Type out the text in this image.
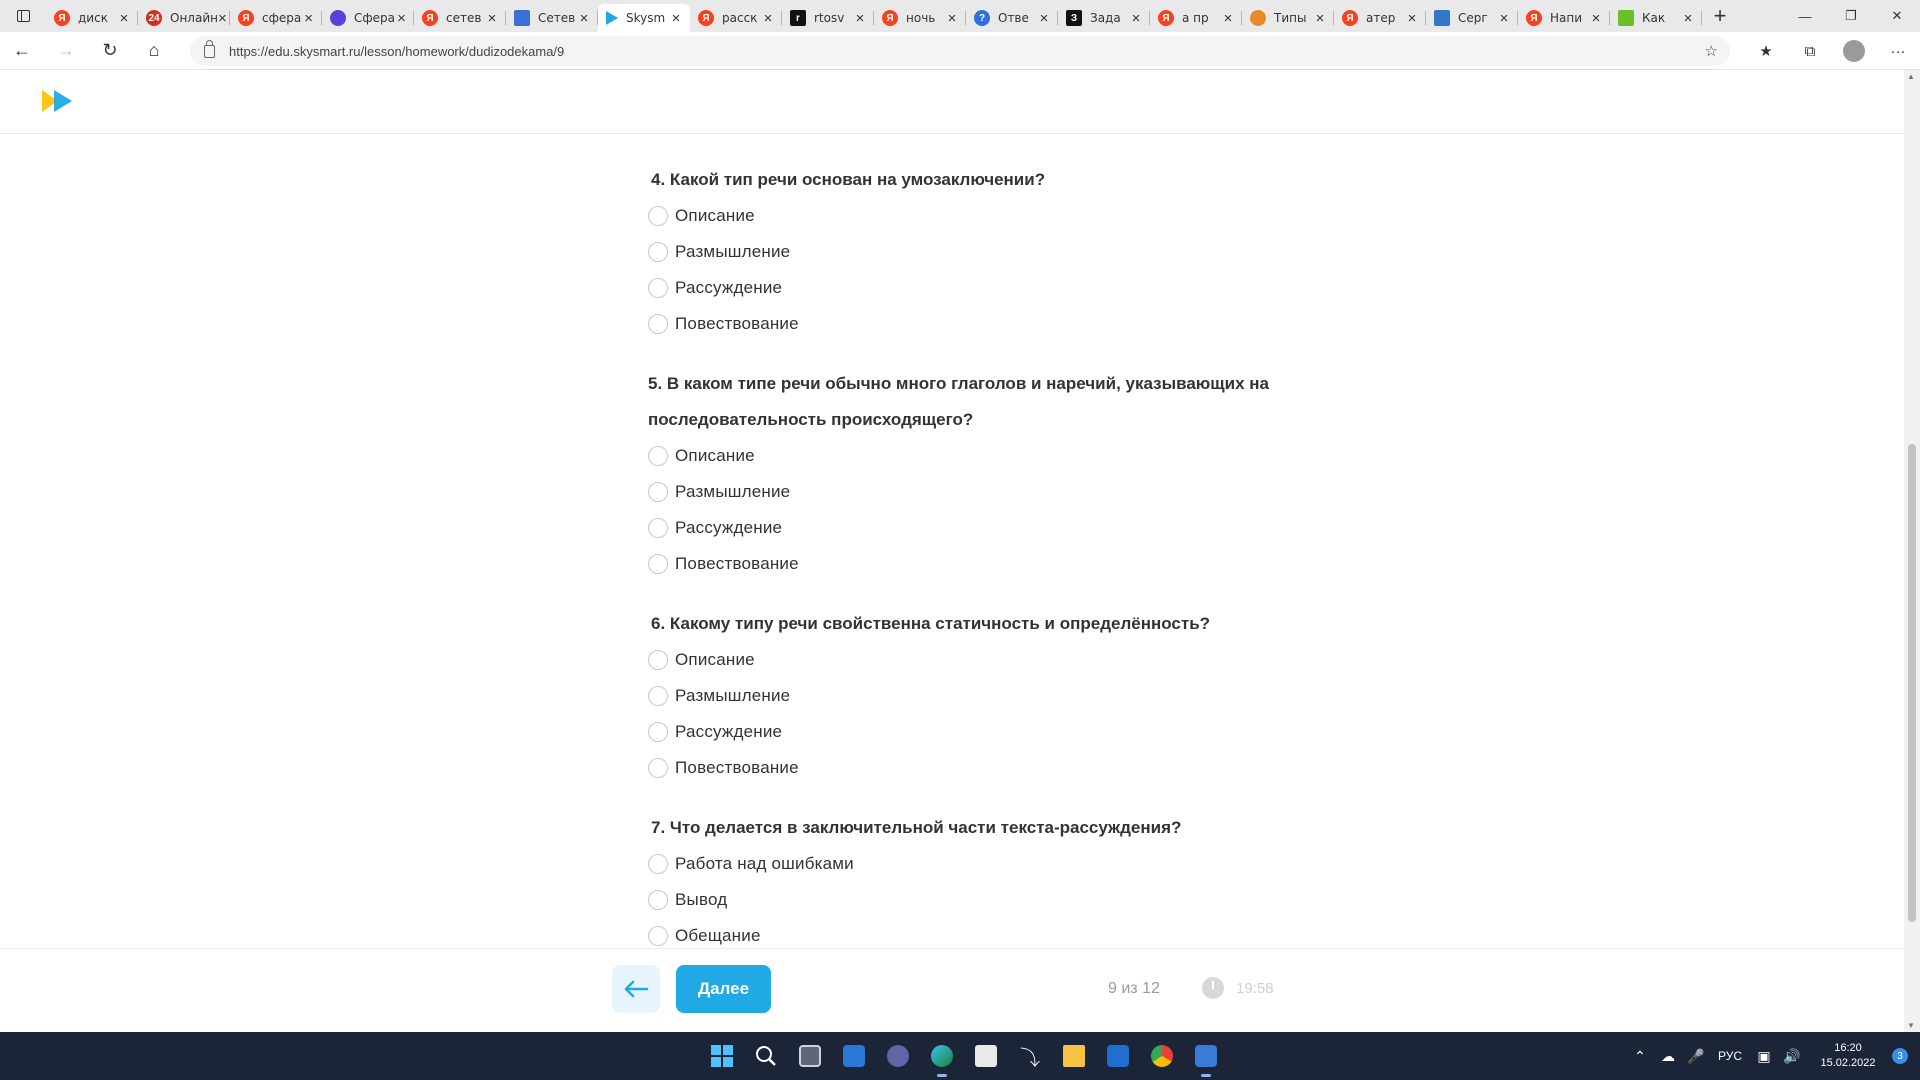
Я	диск ×	24 Онлайн ×	Я	сфера ×	Сфера ×	Я	сетев ×	Сетев ×	Skysm ×	Я	расск ×	r	rtosv ×	Я	ночь ×	?	Отве ×	З	Зада ×	Я	а пр ×	Типы ×	Я	атер ×	Серг ×	Я	Напи ×	Как	× +	—	❐	✕
←	→	↻	⌂	https://edu.skysmart.ru/lesson/homework/dudizodekama/9	☆	★	⧉	···
4. Какой тип речи основан на умозаключении?
Описание
Размышление
Рассуждение
Повествование
5. В каком типе речи обычно много глаголов и наречий, указывающих на последовательность происходящего?
Описание
Размышление
Рассуждение
Повествование
6. Какому типу речи свойственна статичность и определённость?
Описание
Размышление
Рассуждение
Повествование
7. Что делается в заключительной части текста-рассуждения?
Работа над ошибками
Вывод
Обещание
Далее	9 из 12	19:58
▲
▼
⤵	⌃	☁ 🎤	РУС	▣ 🔊	16:20
15.02.2022
3
